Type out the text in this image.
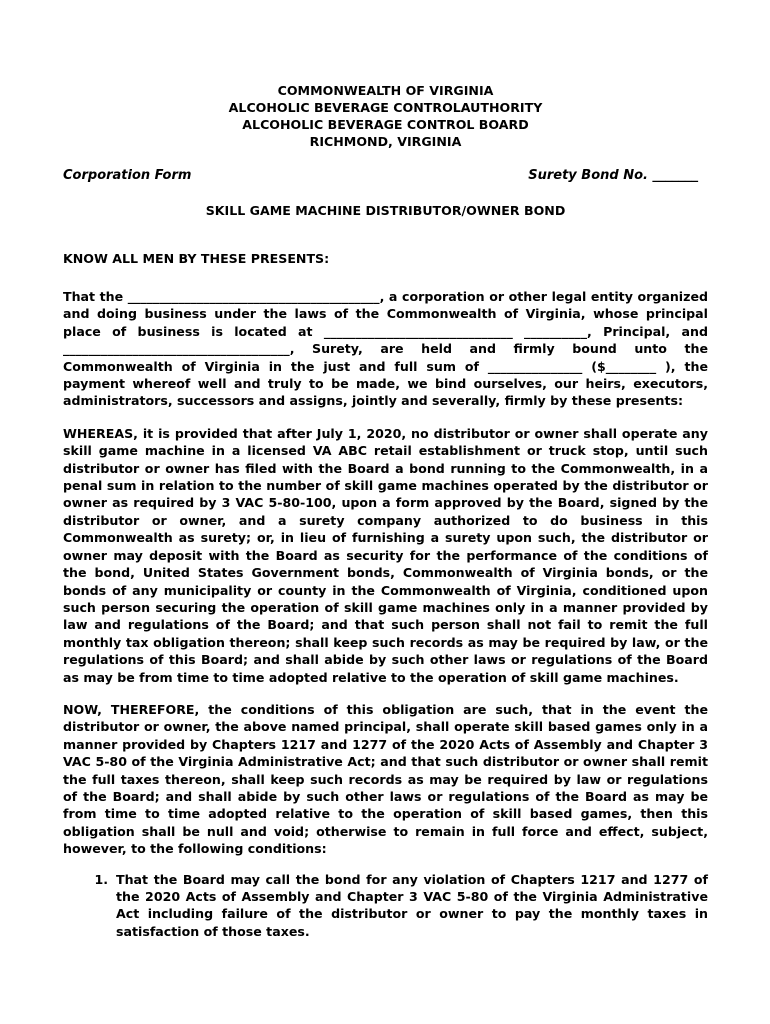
COMMONWEALTH OF VIRGINIA
ALCOHOLIC BEVERAGE CONTROLAUTHORITY
ALCOHOLIC BEVERAGE CONTROL BOARD
RICHMOND, VIRGINIA
Corporation Form	Surety Bond No. _______
SKILL GAME MACHINE DISTRIBUTOR/OWNER BOND
KNOW ALL MEN BY THESE PRESENTS:
That the ________________________________________, a corporation or other legal entity organized and doing business under the laws of the Commonwealth of Virginia, whose principal place of business is located at ______________________________ __________, Principal, and ____________________________________, Surety, are held and firmly bound unto the Commonwealth of Virginia in the just and full sum of _______________ ($________ ), the payment whereof well and truly to be made, we bind ourselves, our heirs, executors, administrators, successors and assigns, jointly and severally, firmly by these presents:
WHEREAS, it is provided that after July 1, 2020, no distributor or owner shall operate any skill game machine in a licensed VA ABC retail establishment or truck stop, until such distributor or owner has filed with the Board a bond running to the Commonwealth, in a penal sum in relation to the number of skill game machines operated by the distributor or owner as required by 3 VAC 5-80-100, upon a form approved by the Board, signed by the distributor or owner, and a surety company authorized to do business in this Commonwealth as surety; or, in lieu of furnishing a surety upon such, the distributor or owner may deposit with the Board as security for the performance of the conditions of the bond, United States Government bonds, Commonwealth of Virginia bonds, or the bonds of any municipality or county in the Commonwealth of Virginia, conditioned upon such person securing the operation of skill game machines only in a manner provided by law and regulations of the Board; and that such person shall not fail to remit the full monthly tax obligation thereon; shall keep such records as may be required by law, or the regulations of this Board; and shall abide by such other laws or regulations of the Board as may be from time to time adopted relative to the operation of skill game machines.
NOW, THEREFORE, the conditions of this obligation are such, that in the event the distributor or owner, the above named principal, shall operate skill based games only in a manner provided by Chapters 1217 and 1277 of the 2020 Acts of Assembly and Chapter 3 VAC 5-80 of the Virginia Administrative Act; and that such distributor or owner shall remit the full taxes thereon, shall keep such records as may be required by law or regulations of the Board; and shall abide by such other laws or regulations of the Board as may be from time to time adopted relative to the operation of skill based games, then this obligation shall be null and void; otherwise to remain in full force and effect, subject, however, to the following conditions:
1. That the Board may call the bond for any violation of Chapters 1217 and 1277 of the 2020 Acts of Assembly and Chapter 3 VAC 5-80 of the Virginia Administrative Act including failure of the distributor or owner to pay the monthly taxes in satisfaction of those taxes.
